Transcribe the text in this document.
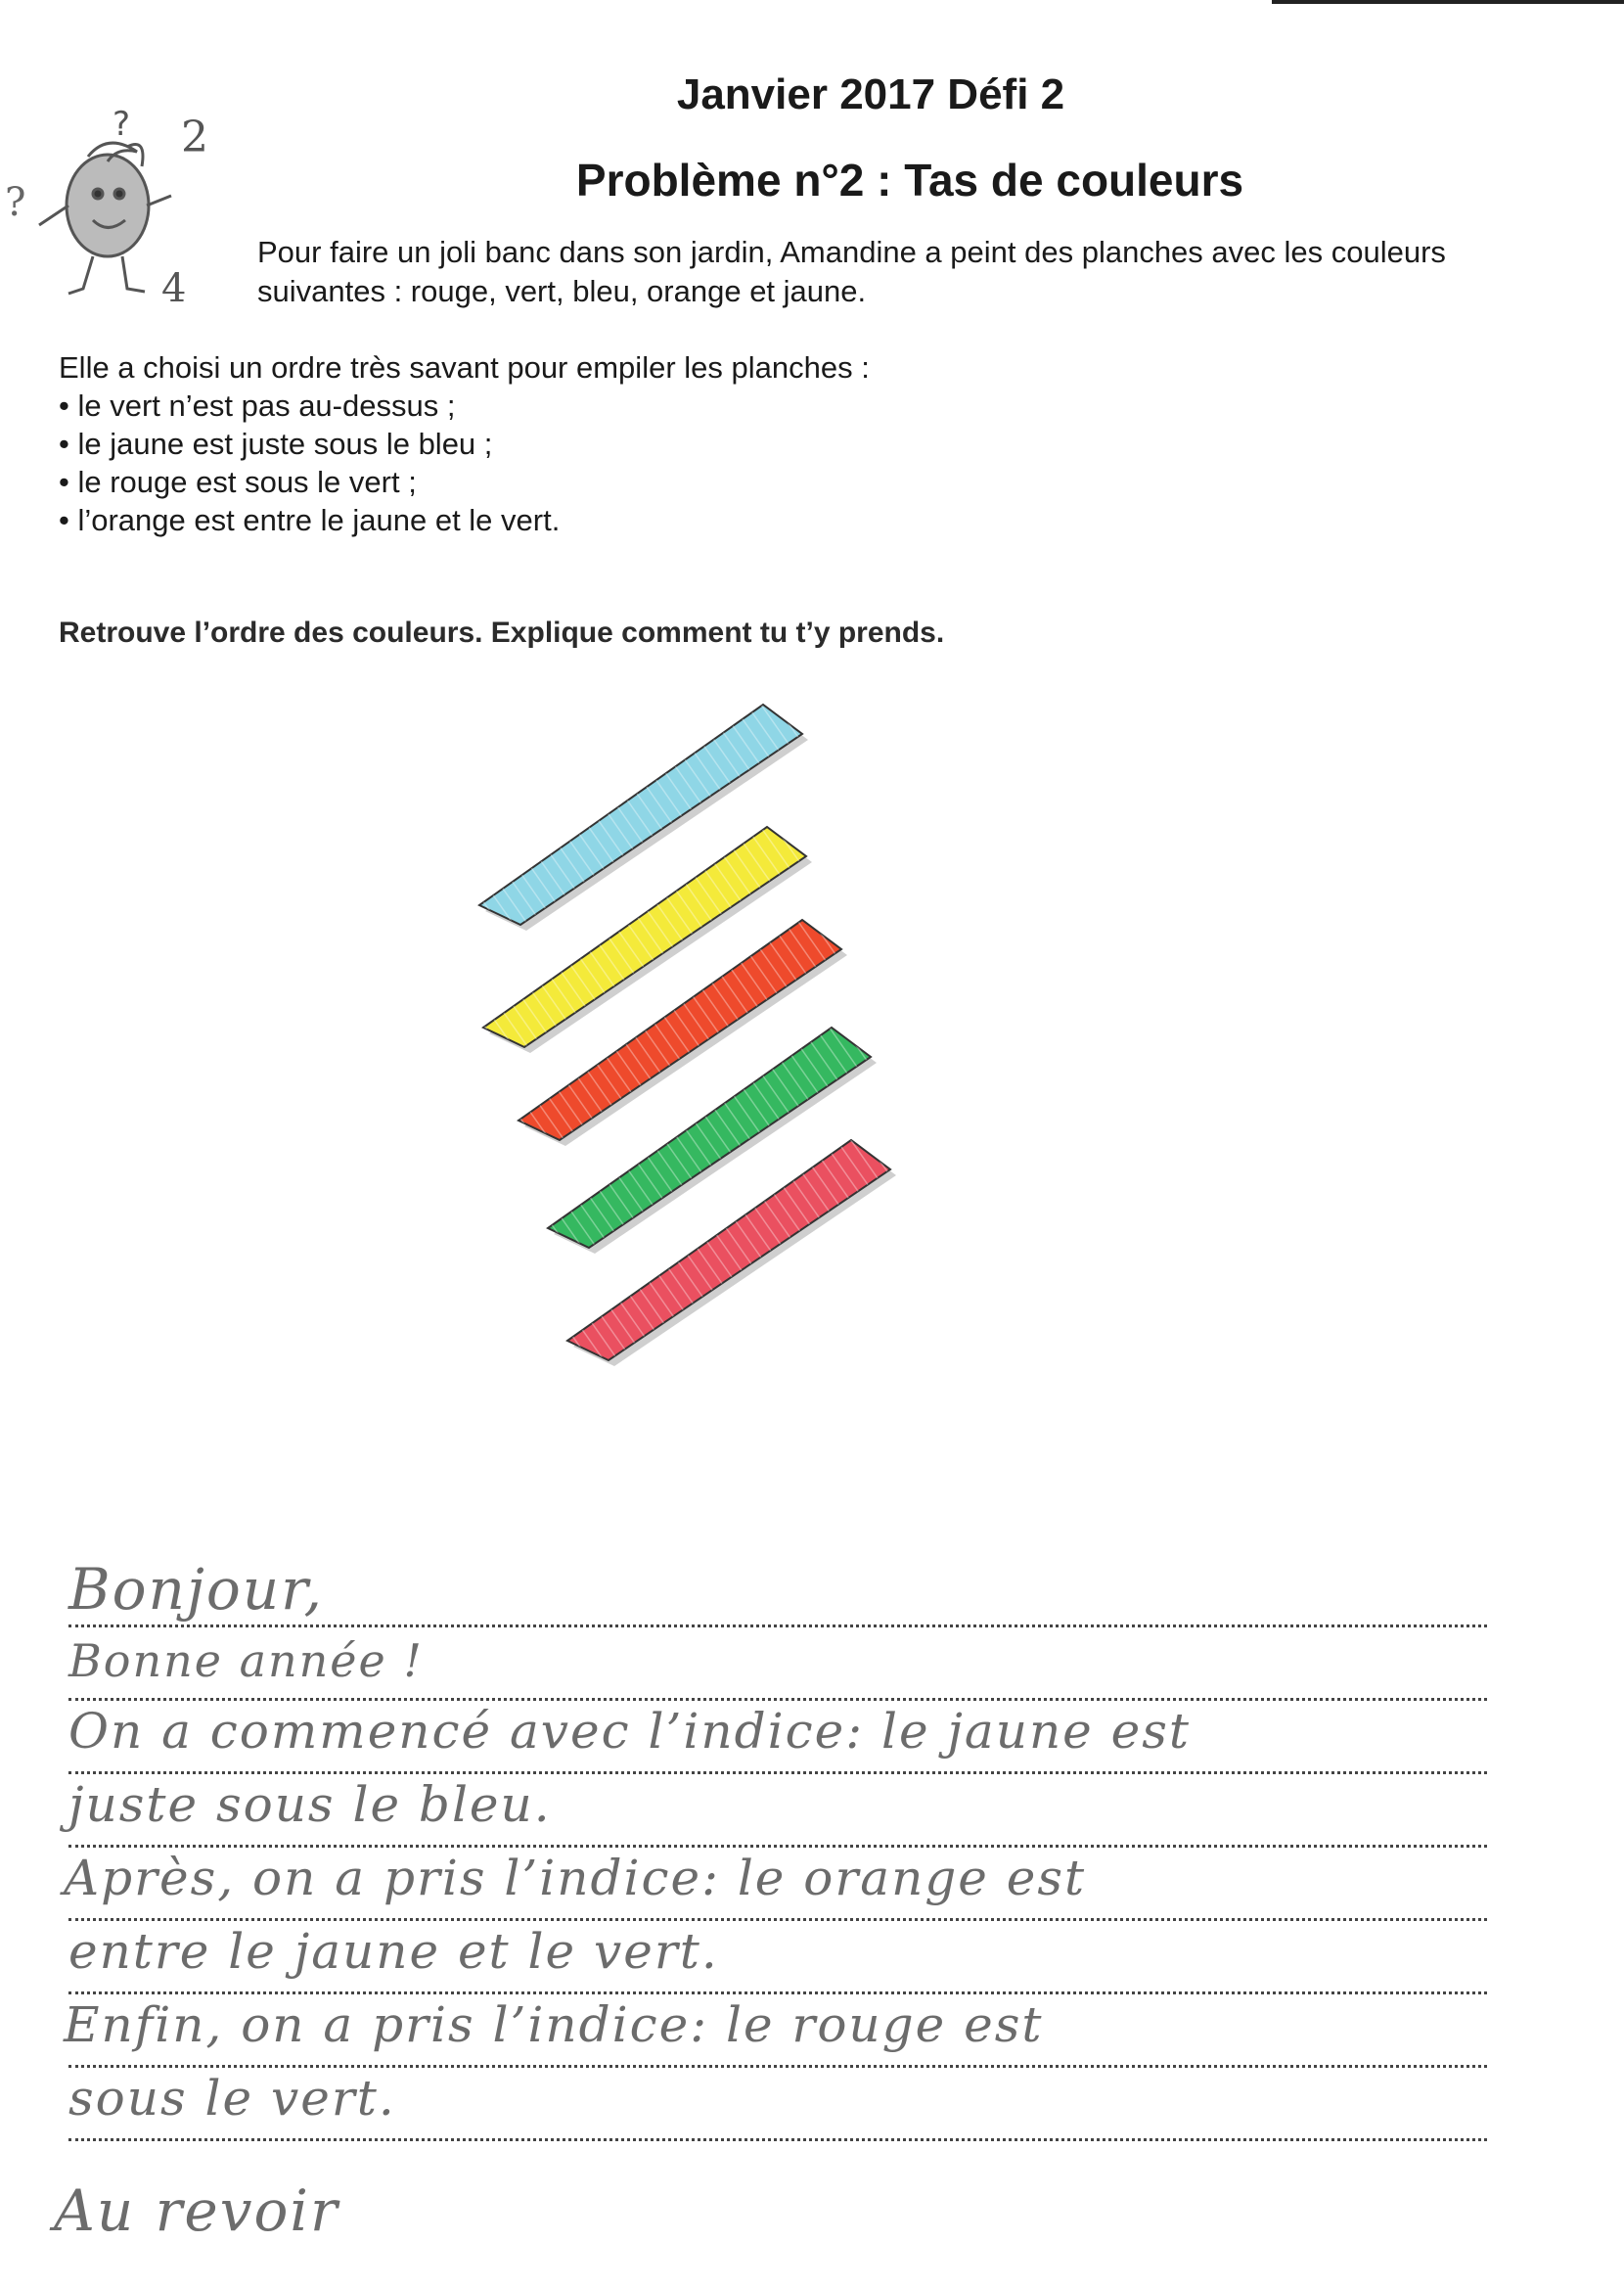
? 2
4
?
Janvier 2017 Défi 2
Problème n°2 : Tas de couleurs

Pour faire un joli banc dans son jardin, Amandine a peint des planches avec les couleurs suivantes : rouge, vert, bleu, orange et jaune.

Elle a choisi un ordre très savant pour empiler les planches :

• le vert n’est pas au-dessus ;
• le jaune est juste sous le bleu ;
• le rouge est sous le vert ;
• l’orange est entre le jaune et le vert.

Retrouve l’ordre des couleurs. Explique comment tu t’y prends.

Bonjour,
Bonne année !
On a commencé avec l’indice: le jaune est
juste sous le bleu.
Après, on a pris l’indice: le orange est
entre le jaune et le vert.
Enfin, on a pris l’indice: le rouge est
sous le vert.
Au revoir
